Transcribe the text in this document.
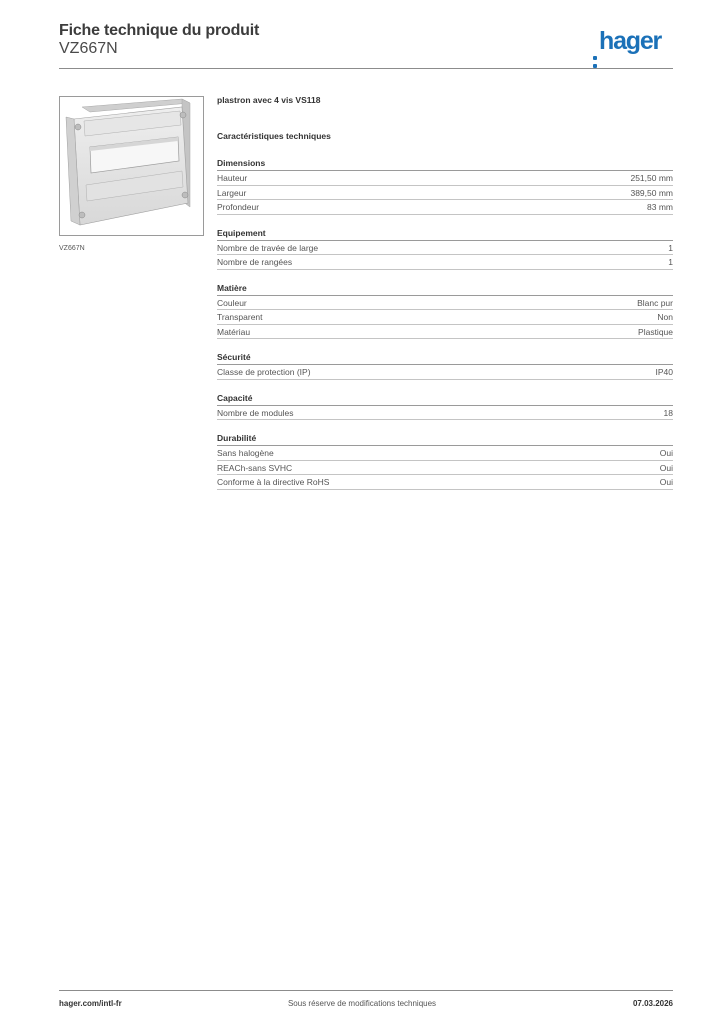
Fiche technique du produit
VZ667N	hager
VZ667N
plastron avec 4 vis VS118
Caractéristiques techniques
Dimensions
Hauteur	251,50 mm
Largeur	389,50 mm
Profondeur	83 mm
Equipement
Nombre de travée de large	1
Nombre de rangées	1
Matière
Couleur	Blanc pur
Transparent	Non
Matériau	Plastique
Sécurité
Classe de protection (IP)	IP40
Capacité
Nombre de modules	18
Durabilité
Sans halogène	Oui
REACh-sans SVHC	Oui
Conforme à la directive RoHS	Oui
hager.com/intl-fr	Sous réserve de modifications techniques	07.03.2026
